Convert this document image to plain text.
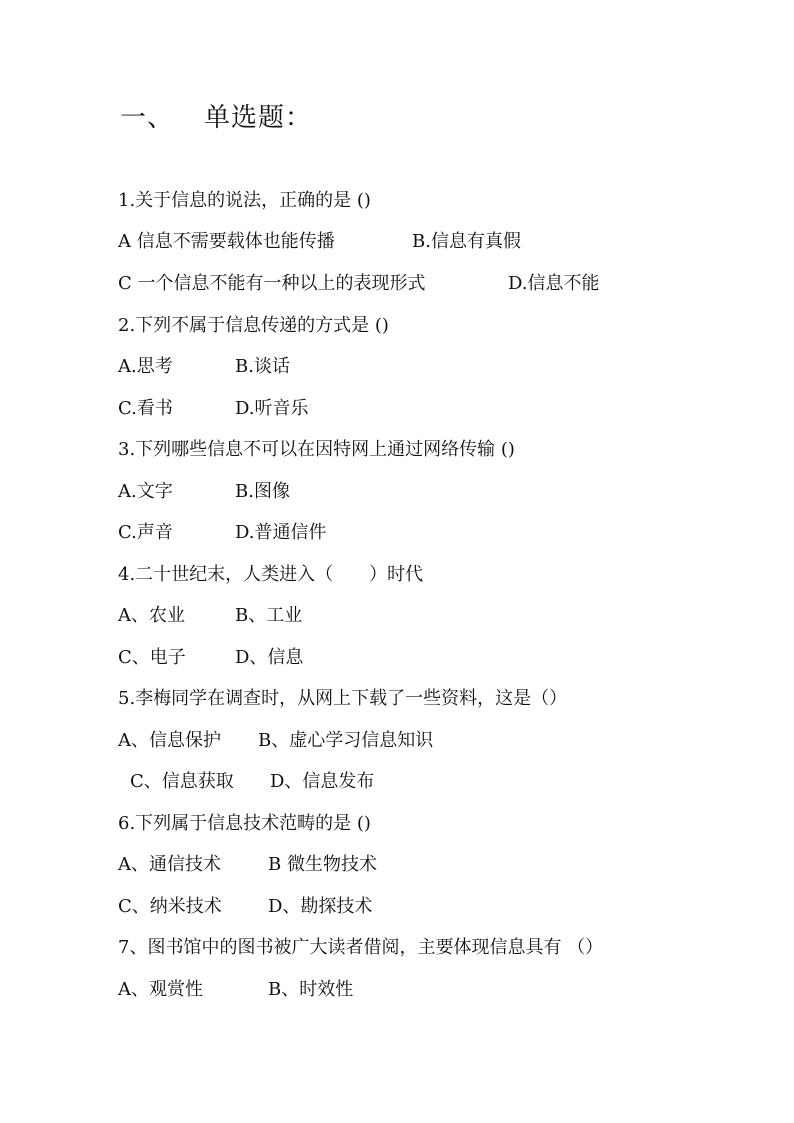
一、 单选题：
1.关于信息的说法，正确的是 ()
A 信息不需要载体也能传播	B.信息有真假
C 一个信息不能有一种以上的表现形式	D.信息不能
2.下列不属于信息传递的方式是 ()
A.思考	B.谈话
C.看书	D.听音乐
3.下列哪些信息不可以在因特网上通过网络传输 ()
A.文字	B.图像
C.声音	D.普通信件
4.二十世纪末，人类进入（　　）时代
A、农业	B、工业
C、电子	D、信息
5.李梅同学在调查时，从网上下载了一些资料，这是（）
A、信息保护 B、虚心学习信息知识
C、信息获取 D、信息发布
6.下列属于信息技术范畴的是 ()
A、通信技术	B 微生物技术
C、纳米技术	D、勘探技术
7、图书馆中的图书被广大读者借阅，主要体现信息具有 （）
A、观赏性	B、时效性
